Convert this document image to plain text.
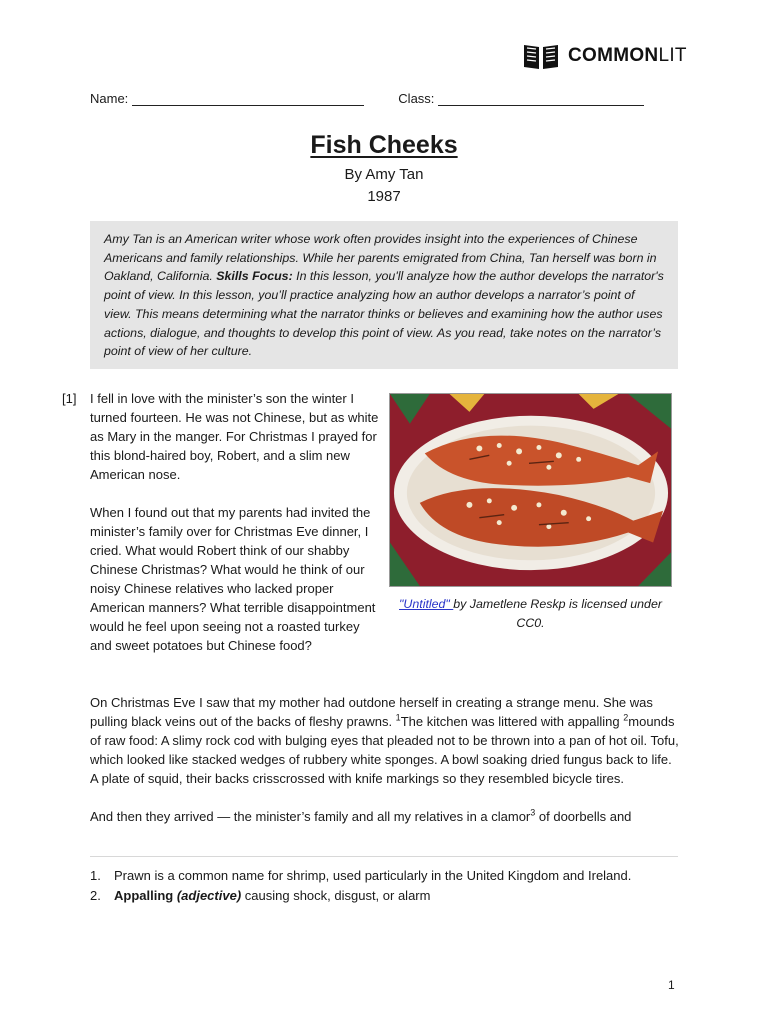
COMMONLIT
Name:	Class:
Fish Cheeks
By Amy Tan
1987
Amy Tan is an American writer whose work often provides insight into the experiences of Chinese Americans and family relationships. While her parents emigrated from China, Tan herself was born in Oakland, California. Skills Focus: In this lesson, you'll analyze how the author develops the narrator's point of view. In this lesson, you’ll practice analyzing how an author develops a narrator’s point of view. This means determining what the narrator thinks or believes and examining how the author uses actions, dialogue, and thoughts to develop this point of view. As you read, take notes on the narrator’s point of view of her culture.
[1] I fell in love with the minister’s son the winter I turned fourteen. He was not Chinese, but as white as Mary in the manger. For Christmas I prayed for this blond-haired boy, Robert, and a slim new American nose.

When I found out that my parents had invited the minister’s family over for Christmas Eve dinner, I cried. What would Robert think of our shabby Chinese Christmas? What would he think of our noisy Chinese relatives who lacked proper American manners? What terrible disappointment would he feel upon seeing not a roasted turkey and sweet potatoes but Chinese food?

"Untitled" by Jametlene Reskp is licensed under CC0.

On Christmas Eve I saw that my mother had outdone herself in creating a strange menu. She was pulling black veins out of the backs of fleshy prawns. $^1$The kitchen was littered with appalling $^2$mounds of raw food: A slimy rock cod with bulging eyes that pleaded not to be thrown into a pan of hot oil. Tofu, which looked like stacked wedges of rubbery white sponges. A bowl soaking dried fungus back to life. A plate of squid, their backs crisscrossed with knife markings so they resembled bicycle tires.

And then they arrived — the minister’s family and all my relatives in a clamor$^3$ of doorbells and

1.	Prawn is a common name for shrimp, used particularly in the United Kingdom and Ireland.
2.	Appalling (adjective) causing shock, disgust, or alarm
1
